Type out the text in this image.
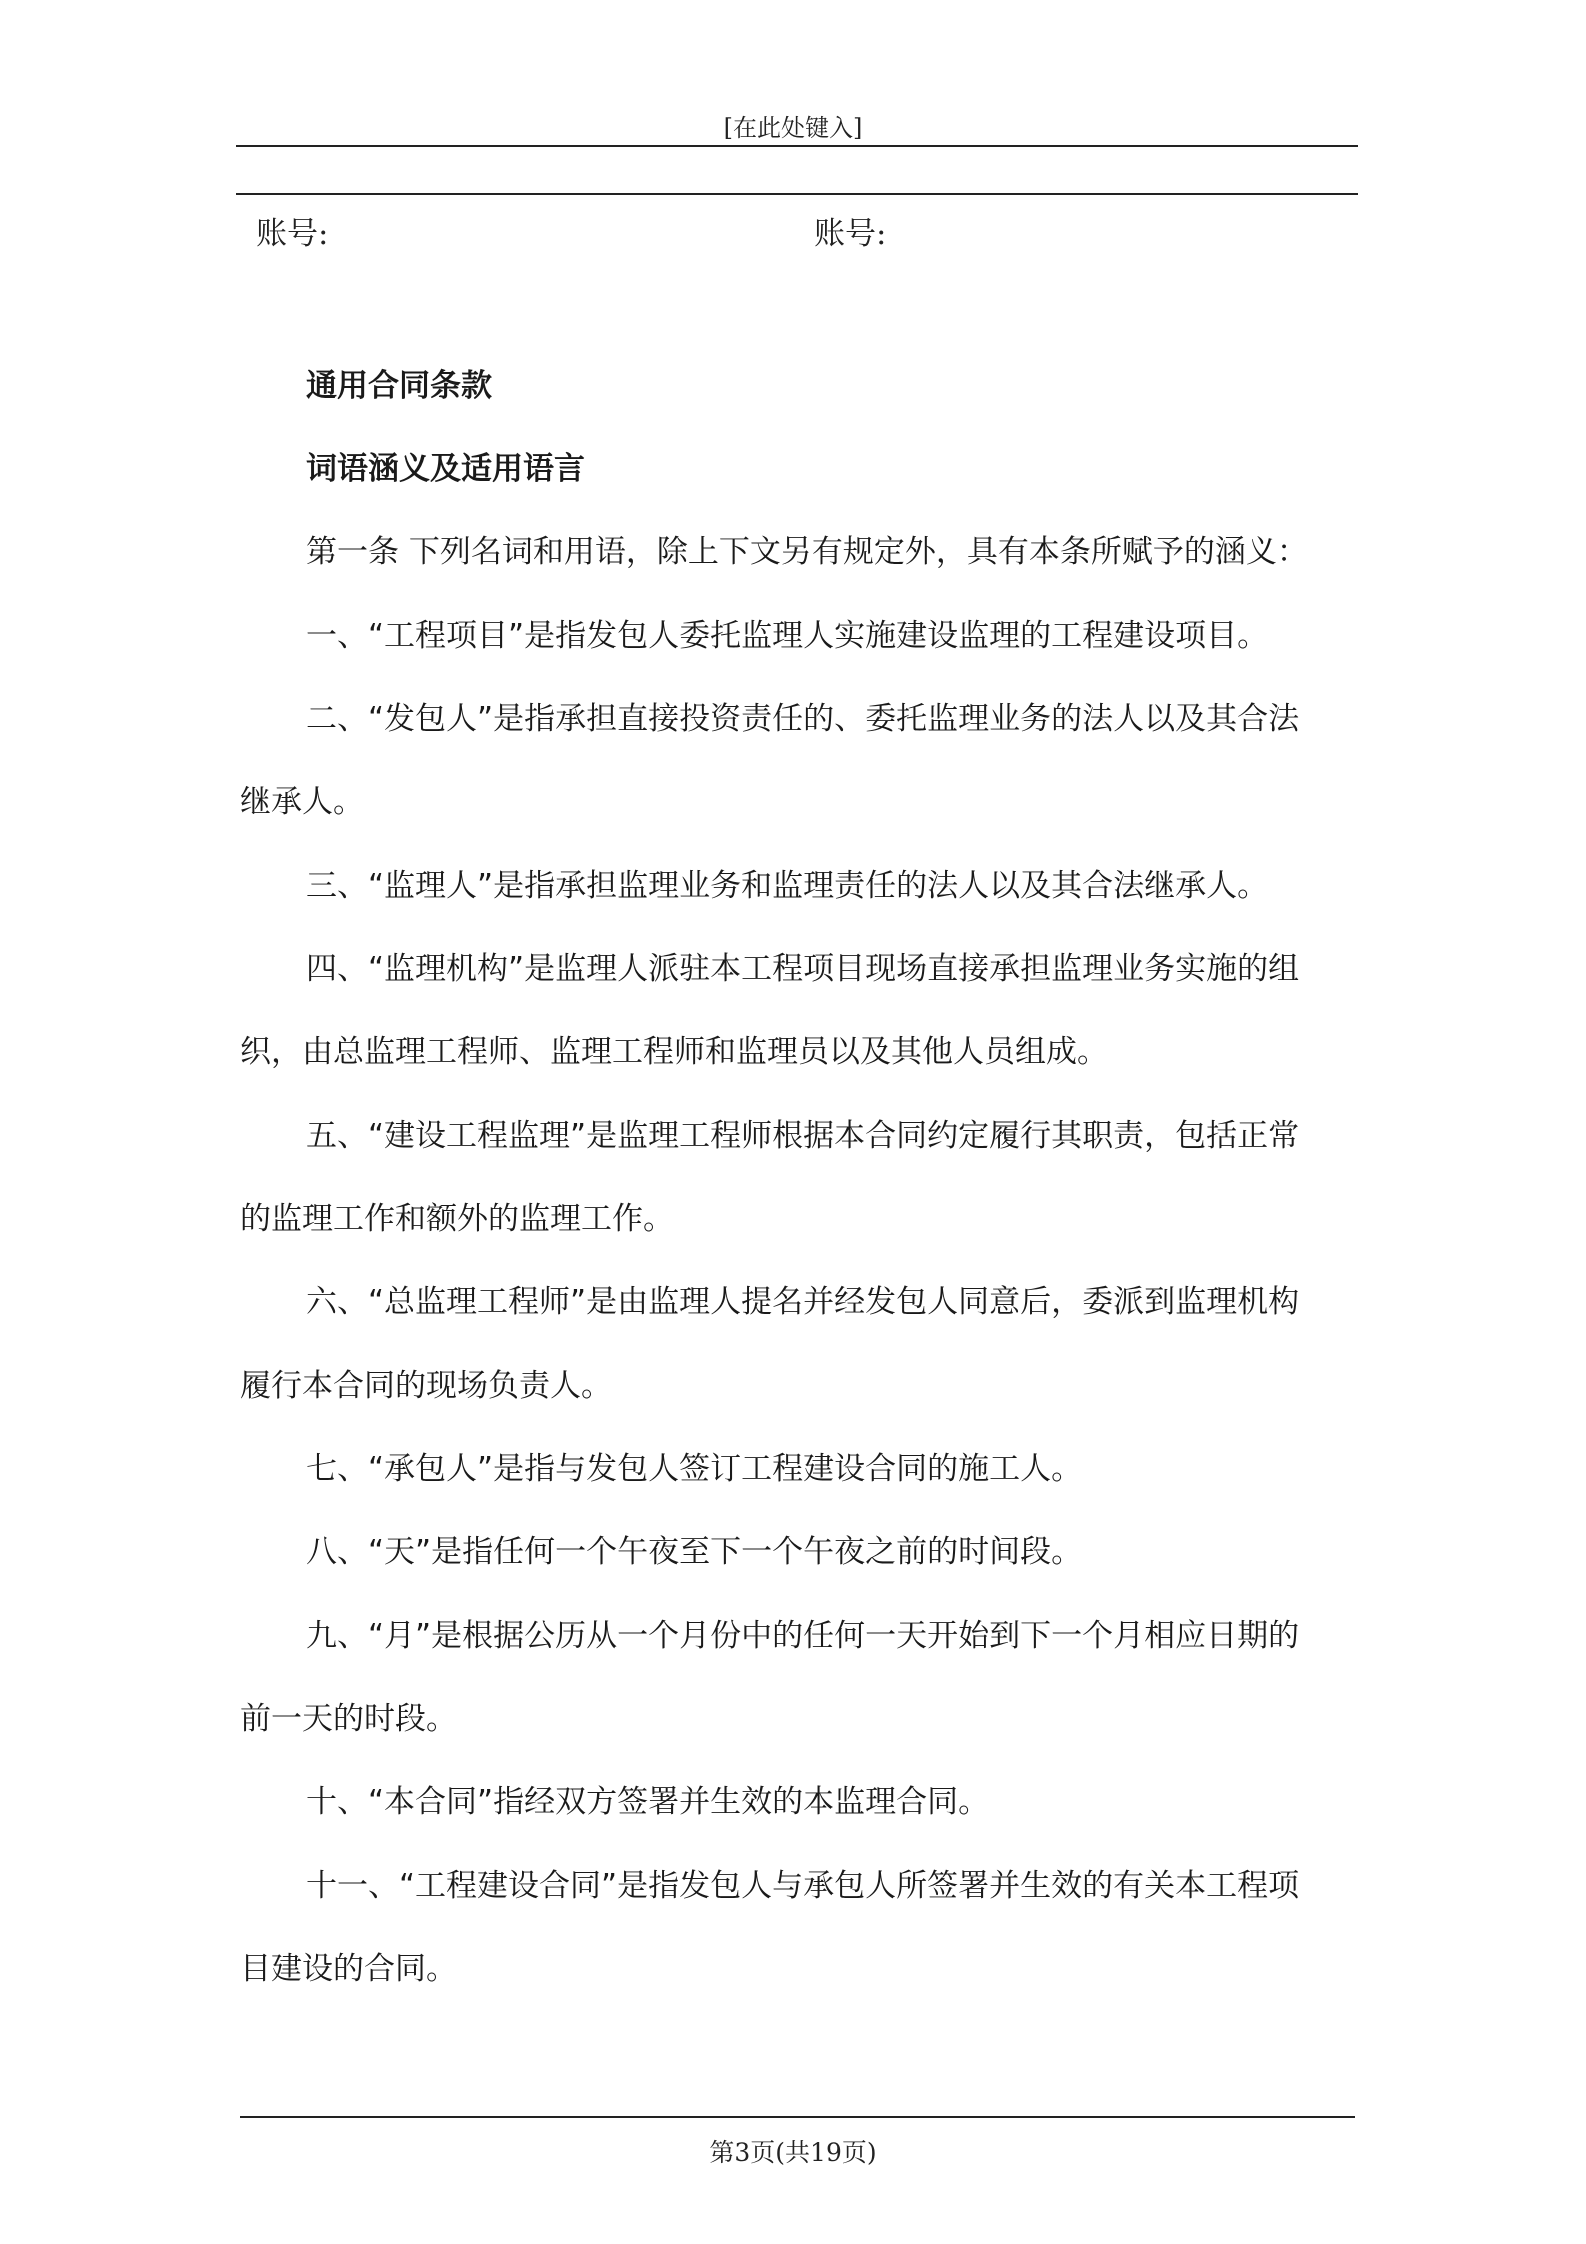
[在此处键入]
账号:	账号:
通用合同条款
词语涵义及适用语言
第一条 下列名词和用语，除上下文另有规定外，具有本条所赋予的涵义：
一、“工程项目”是指发包人委托监理人实施建设监理的工程建设项目。
二、“发包人”是指承担直接投资责任的、委托监理业务的法人以及其合法
继承人。
三、“监理人”是指承担监理业务和监理责任的法人以及其合法继承人。
四、“监理机构”是监理人派驻本工程项目现场直接承担监理业务实施的组
织，由总监理工程师、监理工程师和监理员以及其他人员组成。
五、“建设工程监理”是监理工程师根据本合同约定履行其职责，包括正常
的监理工作和额外的监理工作。
六、“总监理工程师”是由监理人提名并经发包人同意后，委派到监理机构
履行本合同的现场负责人。
七、“承包人”是指与发包人签订工程建设合同的施工人。
八、“天”是指任何一个午夜至下一个午夜之前的时间段。
九、“月”是根据公历从一个月份中的任何一天开始到下一个月相应日期的
前一天的时段。
十、“本合同”指经双方签署并生效的本监理合同。
十一、“工程建设合同”是指发包人与承包人所签署并生效的有关本工程项
目建设的合同。
第3页(共19页)
